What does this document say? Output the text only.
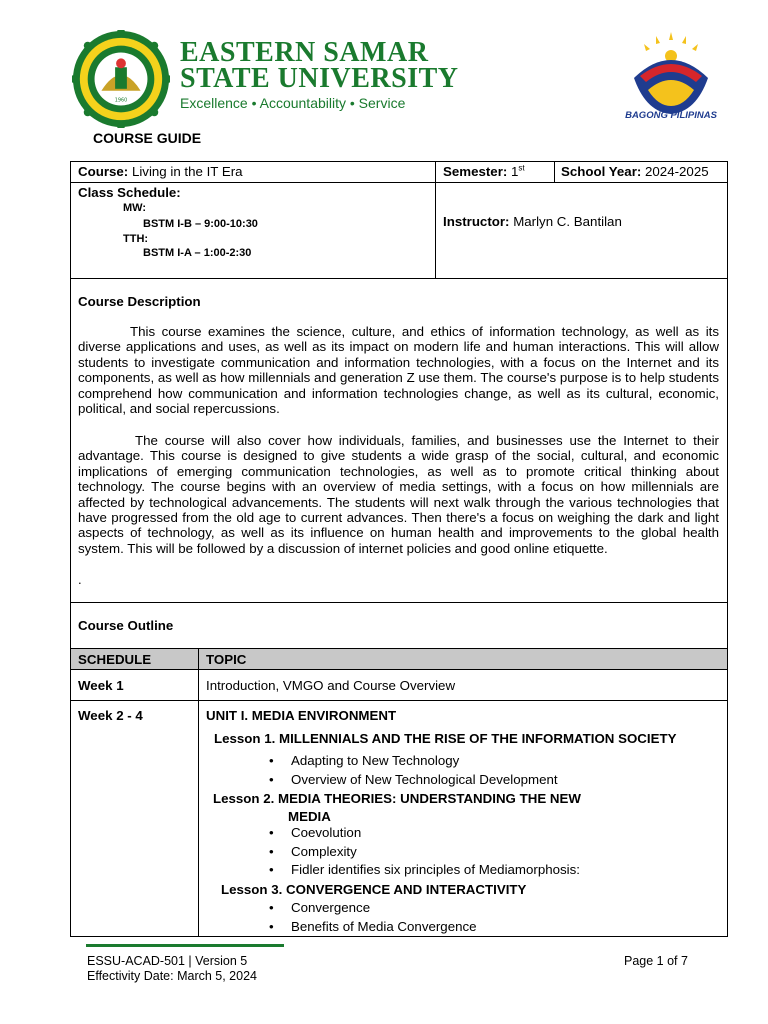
1960
EASTERN SAMAR
STATE UNIVERSITY
Excellence • Accountability • Service
BAGONG PILIPINAS
COURSE GUIDE
Course: Living in the IT Era	Semester: 1st	School Year: 2024-2025
Class Schedule:
MW:
BSTM I-B – 9:00-10:30
TTH:
BSTM I-A – 1:00-2:30
Instructor: Marlyn C. Bantilan
Course Description
This course examines the science, culture, and ethics of information technology, as well as its diverse applications and uses, as well as its impact on modern life and human interactions. This will allow students to investigate communication and information technologies, with a focus on the Internet and its components, as well as how millennials and generation Z use them. The course's purpose is to help students comprehend how communication and information technologies change, as well as its cultural, economic, political, and social repercussions.
The course will also cover how individuals, families, and businesses use the Internet to their advantage. This course is designed to give students a wide grasp of the social, cultural, and economic implications of emerging communication technologies, as well as to promote critical thinking about technology. The course begins with an overview of media settings, with a focus on how millennials are affected by technological advancements. The students will next walk through the various technologies that have progressed from the old age to current advances. Then there's a focus on weighing the dark and light aspects of technology, as well as its influence on human health and improvements to the global health system. This will be followed by a discussion of internet policies and good online etiquette.
.
Course Outline
SCHEDULE	TOPIC
Week 1	Introduction, VMGO and Course Overview
Week 2 - 4	UNIT I. MEDIA ENVIRONMENT
Lesson 1. MILLENNIALS AND THE RISE OF THE INFORMATION SOCIETY
• Adapting to New Technology
• Overview of New Technological Development
Lesson 2. MEDIA THEORIES: UNDERSTANDING THE NEW
MEDIA
• Coevolution
• Complexity
• Fidler identifies six principles of Mediamorphosis:
Lesson 3. CONVERGENCE AND INTERACTIVITY
• Convergence
• Benefits of Media Convergence
ESSU-ACAD-501 | Version 5
Effectivity Date: March 5, 2024
Page 1 of 7
